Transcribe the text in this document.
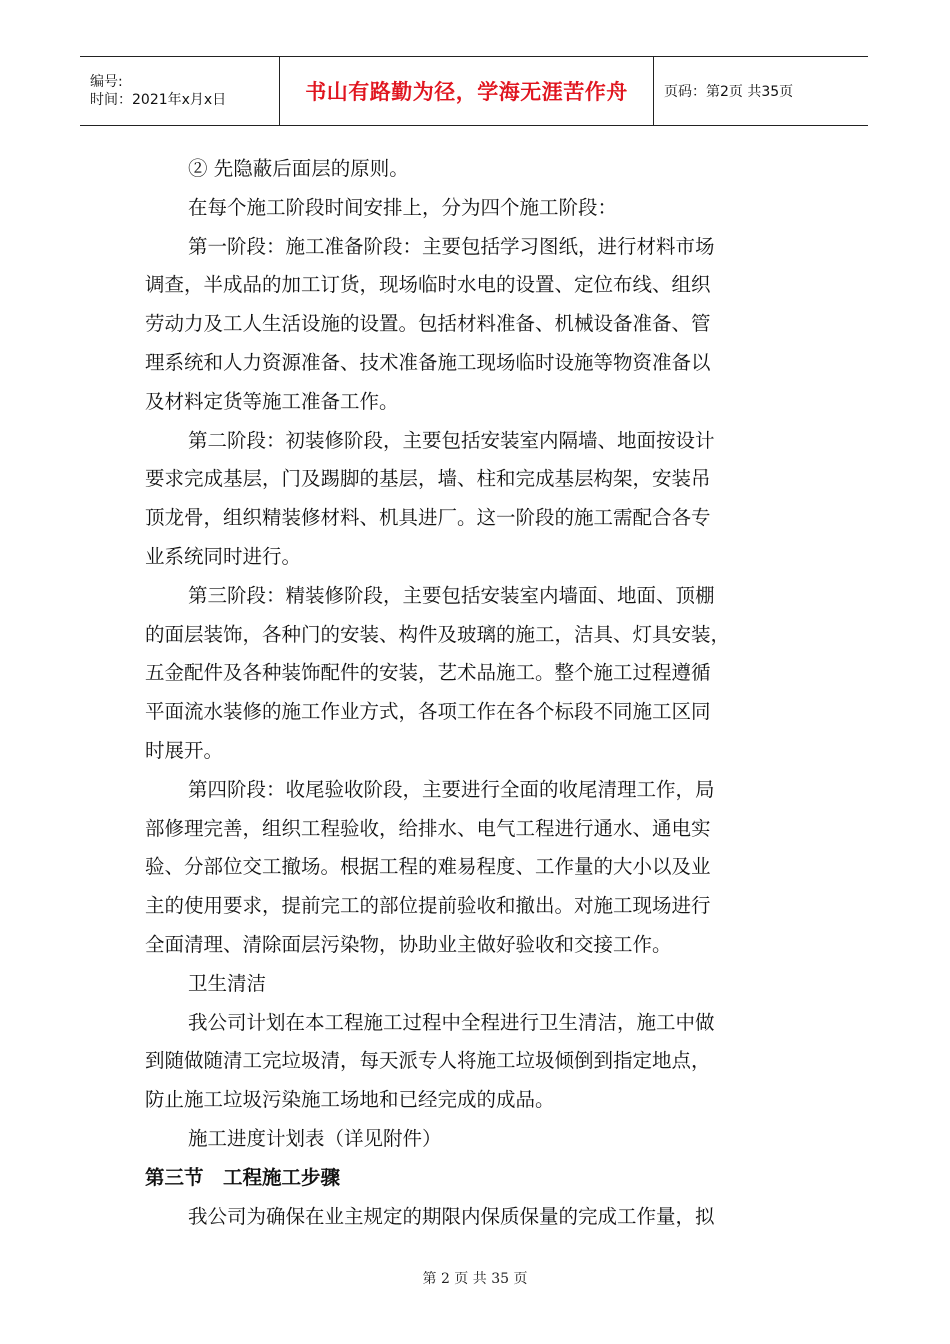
编号:
时间：2021年x月x日	书山有路勤为径，学海无涯苦作舟	页码：第2页 共35页
② 先隐蔽后面层的原则。
在每个施工阶段时间安排上，分为四个施工阶段：
第一阶段：施工准备阶段：主要包括学习图纸，进行材料市场
调查，半成品的加工订货，现场临时水电的设置、定位布线、组织
劳动力及工人生活设施的设置。包括材料准备、机械设备准备、管
理系统和人力资源准备、技术准备施工现场临时设施等物资准备以
及材料定货等施工准备工作。
第二阶段：初装修阶段，主要包括安装室内隔墙、地面按设计
要求完成基层，门及踢脚的基层，墙、柱和完成基层构架，安装吊
顶龙骨，组织精装修材料、机具进厂。这一阶段的施工需配合各专
业系统同时进行。
第三阶段：精装修阶段，主要包括安装室内墙面、地面、顶棚
的面层装饰，各种门的安装、构件及玻璃的施工，洁具、灯具安装，
五金配件及各种装饰配件的安装，艺术品施工。整个施工过程遵循
平面流水装修的施工作业方式，各项工作在各个标段不同施工区同
时展开。
第四阶段：收尾验收阶段，主要进行全面的收尾清理工作，局
部修理完善，组织工程验收，给排水、电气工程进行通水、通电实
验、分部位交工撤场。根据工程的难易程度、工作量的大小以及业
主的使用要求，提前完工的部位提前验收和撤出。对施工现场进行
全面清理、清除面层污染物，协助业主做好验收和交接工作。
卫生清洁
我公司计划在本工程施工过程中全程进行卫生清洁，施工中做
到随做随清工完垃圾清，每天派专人将施工垃圾倾倒到指定地点，
防止施工垃圾污染施工场地和已经完成的成品。
施工进度计划表（详见附件）
第三节　工程施工步骤
我公司为确保在业主规定的期限内保质保量的完成工作量，拟
第 2 页 共 35 页
